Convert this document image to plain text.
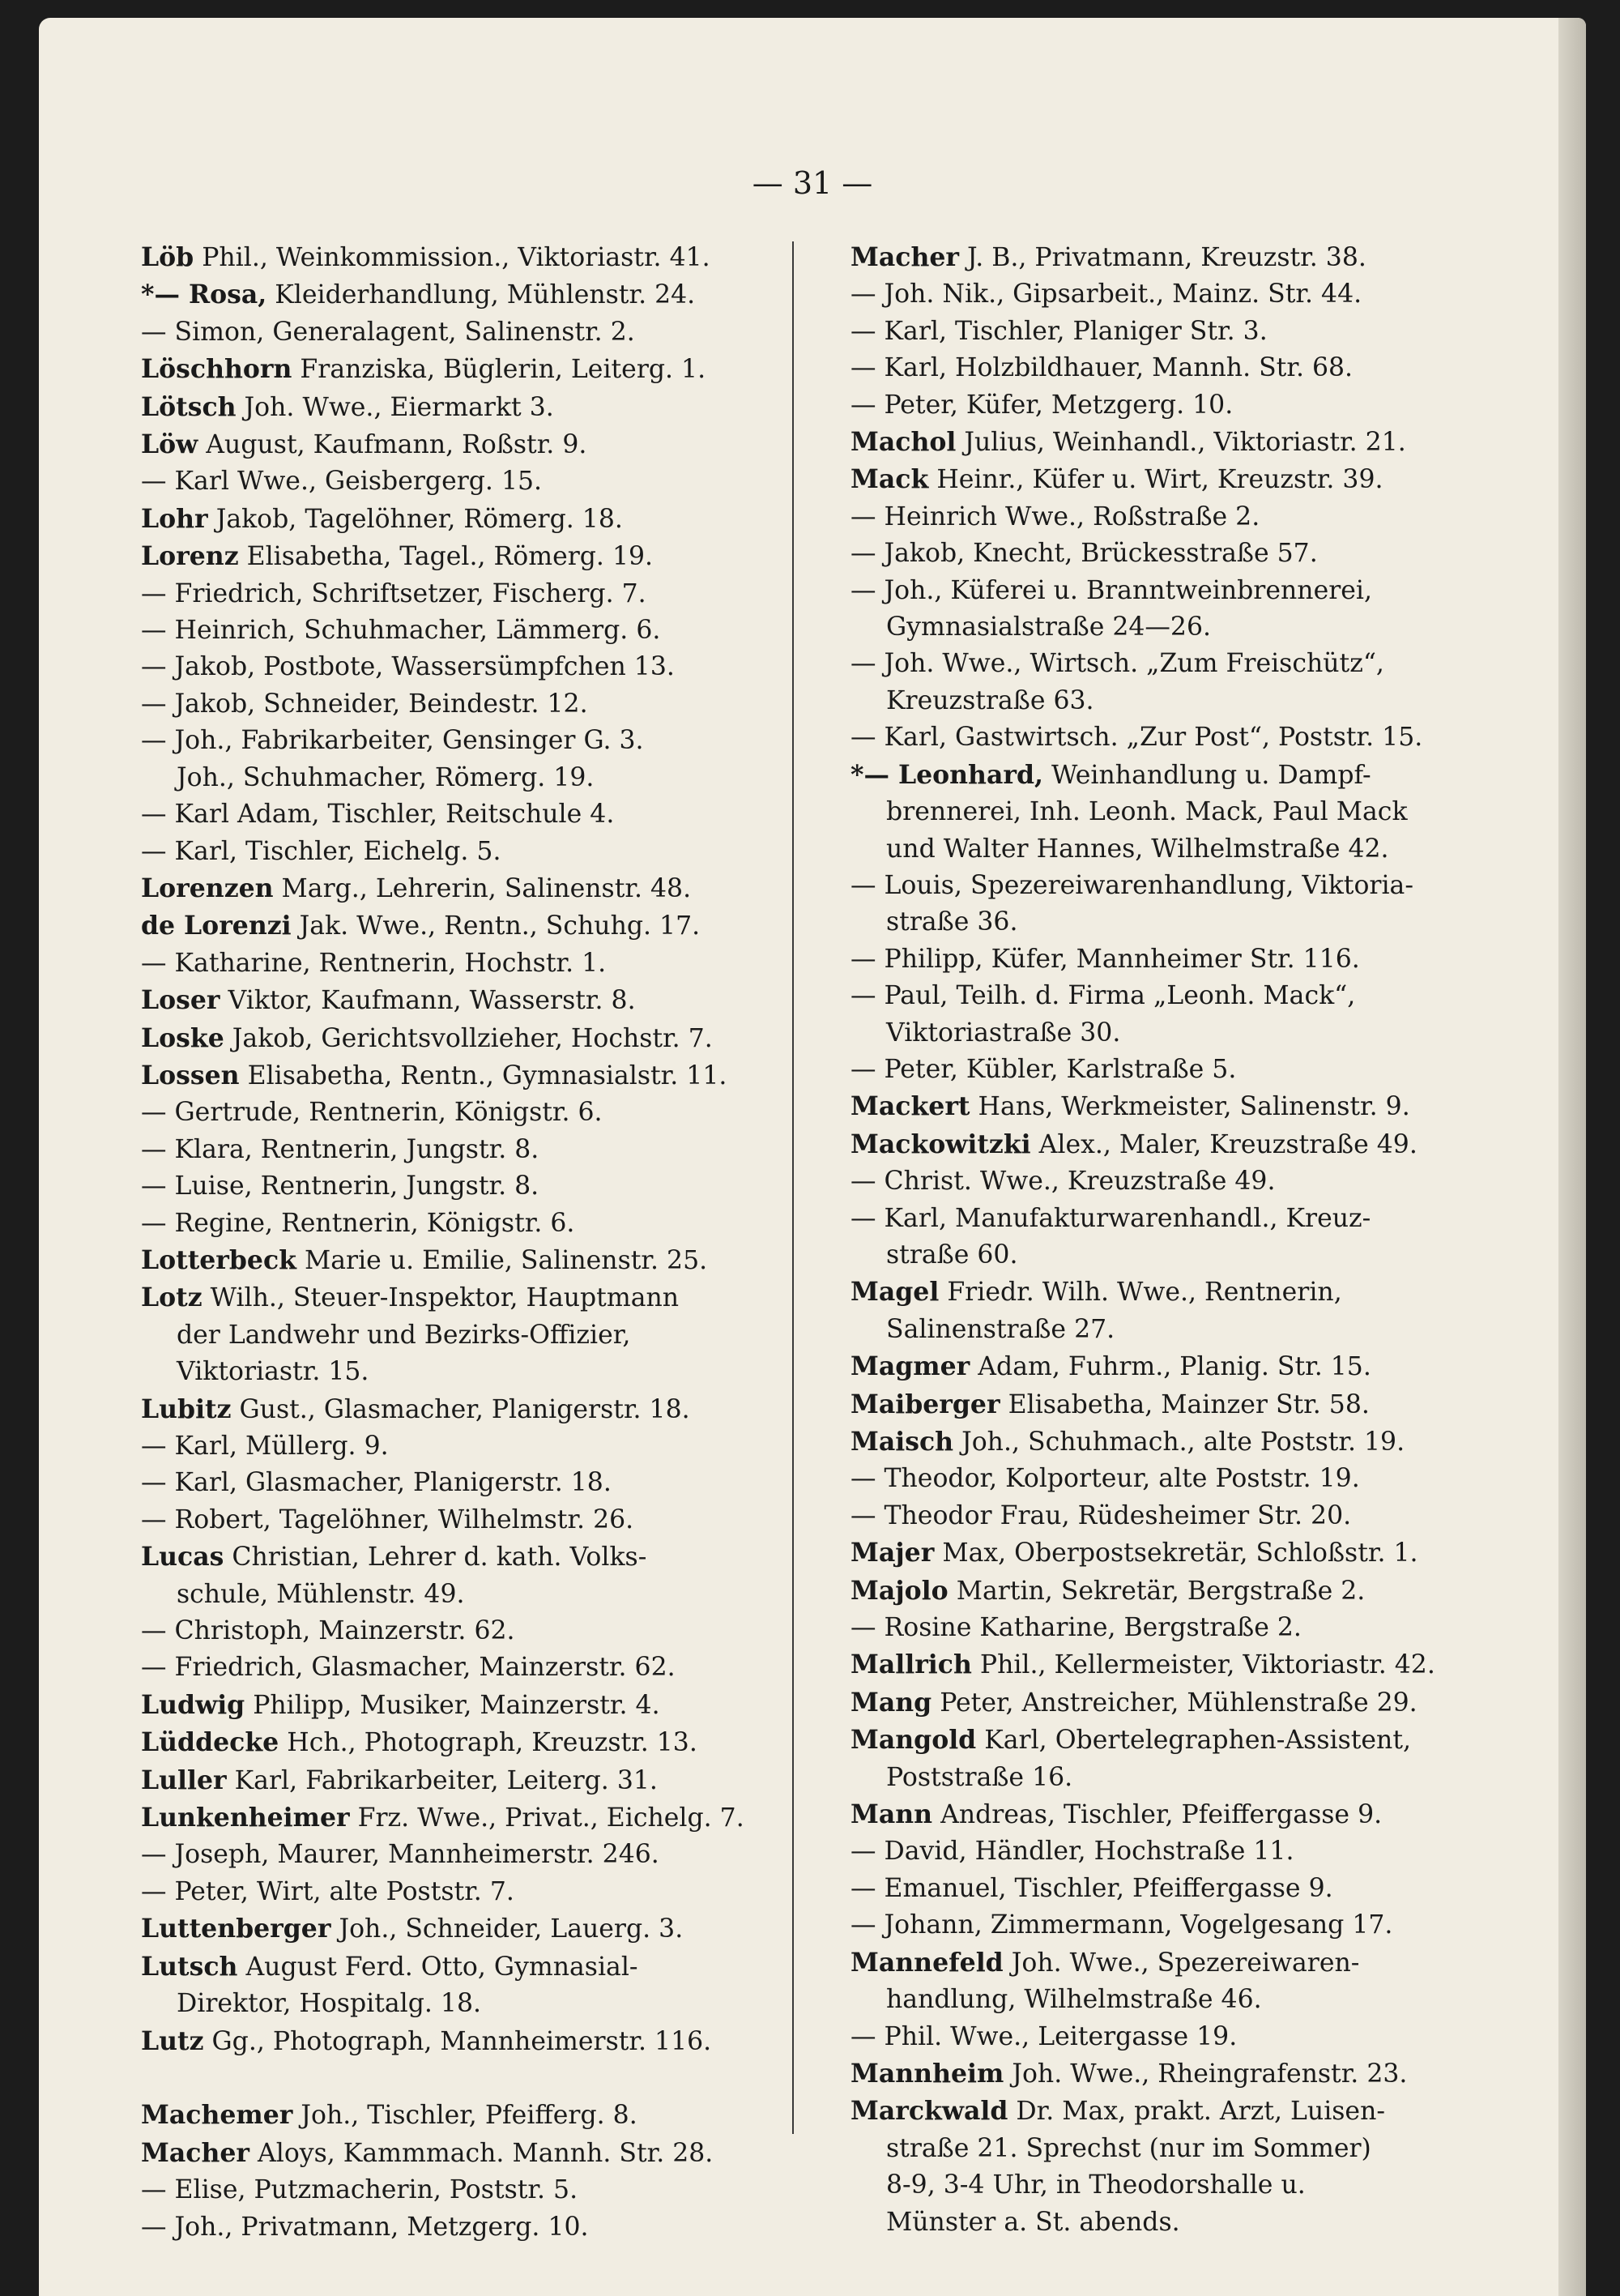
— 31 —
Löb Phil., Weinkommission., Viktoriastr. 41.
*— Rosa, Kleiderhandlung, Mühlenstr. 24.
— Simon, Generalagent, Salinenstr. 2.
Löschhorn Franziska, Büglerin, Leiterg. 1.
Lötsch Joh. Wwe., Eiermarkt 3.
Löw August, Kaufmann, Roßstr. 9.
— Karl Wwe., Geisbergerg. 15.
Lohr Jakob, Tagelöhner, Römerg. 18.
Lorenz Elisabetha, Tagel., Römerg. 19.
— Friedrich, Schriftsetzer, Fischerg. 7.
— Heinrich, Schuhmacher, Lämmerg. 6.
— Jakob, Postbote, Wassersümpfchen 13.
— Jakob, Schneider, Beindestr. 12.
— Joh., Fabrikarbeiter, Gensinger G. 3.
Joh., Schuhmacher, Römerg. 19.
— Karl Adam, Tischler, Reitschule 4.
— Karl, Tischler, Eichelg. 5.
Lorenzen Marg., Lehrerin, Salinenstr. 48.
de Lorenzi Jak. Wwe., Rentn., Schuhg. 17.
— Katharine, Rentnerin, Hochstr. 1.
Loser Viktor, Kaufmann, Wasserstr. 8.
Loske Jakob, Gerichtsvollzieher, Hochstr. 7.
Lossen Elisabetha, Rentn., Gymnasialstr. 11.
— Gertrude, Rentnerin, Königstr. 6.
— Klara, Rentnerin, Jungstr. 8.
— Luise, Rentnerin, Jungstr. 8.
— Regine, Rentnerin, Königstr. 6.
Lotterbeck Marie u. Emilie, Salinenstr. 25.
Lotz Wilh., Steuer-Inspektor, Hauptmann
der Landwehr und Bezirks-Offizier,
Viktoriastr. 15.
Lubitz Gust., Glasmacher, Planigerstr. 18.
— Karl, Müllerg. 9.
— Karl, Glasmacher, Planigerstr. 18.
— Robert, Tagelöhner, Wilhelmstr. 26.
Lucas Christian, Lehrer d. kath. Volks-
schule, Mühlenstr. 49.
— Christoph, Mainzerstr. 62.
— Friedrich, Glasmacher, Mainzerstr. 62.
Ludwig Philipp, Musiker, Mainzerstr. 4.
Lüddecke Hch., Photograph, Kreuzstr. 13.
Luller Karl, Fabrikarbeiter, Leiterg. 31.
Lunkenheimer Frz. Wwe., Privat., Eichelg. 7.
— Joseph, Maurer, Mannheimerstr. 246.
— Peter, Wirt, alte Poststr. 7.
Luttenberger Joh., Schneider, Lauerg. 3.
Lutsch August Ferd. Otto, Gymnasial-
Direktor, Hospitalg. 18.
Lutz Gg., Photograph, Mannheimerstr. 116.
Machemer Joh., Tischler, Pfeifferg. 8.
Macher Aloys, Kammmach. Mannh. Str. 28.
— Elise, Putzmacherin, Poststr. 5.
— Joh., Privatmann, Metzgerg. 10.
Macher J. B., Privatmann, Kreuzstr. 38.
— Joh. Nik., Gipsarbeit., Mainz. Str. 44.
— Karl, Tischler, Planiger Str. 3.
— Karl, Holzbildhauer, Mannh. Str. 68.
— Peter, Küfer, Metzgerg. 10.
Machol Julius, Weinhandl., Viktoriastr. 21.
Mack Heinr., Küfer u. Wirt, Kreuzstr. 39.
— Heinrich Wwe., Roßstraße 2.
— Jakob, Knecht, Brückesstraße 57.
— Joh., Küferei u. Branntweinbrennerei,
Gymnasialstraße 24—26.
— Joh. Wwe., Wirtsch. „Zum Freischütz“,
Kreuzstraße 63.
— Karl, Gastwirtsch. „Zur Post“, Poststr. 15.
*— Leonhard, Weinhandlung u. Dampf-
brennerei, Inh. Leonh. Mack, Paul Mack
und Walter Hannes, Wilhelmstraße 42.
— Louis, Spezereiwarenhandlung, Viktoria-
straße 36.
— Philipp, Küfer, Mannheimer Str. 116.
— Paul, Teilh. d. Firma „Leonh. Mack“,
Viktoriastraße 30.
— Peter, Kübler, Karlstraße 5.
Mackert Hans, Werkmeister, Salinenstr. 9.
Mackowitzki Alex., Maler, Kreuzstraße 49.
— Christ. Wwe., Kreuzstraße 49.
— Karl, Manufakturwarenhandl., Kreuz-
straße 60.
Magel Friedr. Wilh. Wwe., Rentnerin,
Salinenstraße 27.
Magmer Adam, Fuhrm., Planig. Str. 15.
Maiberger Elisabetha, Mainzer Str. 58.
Maisch Joh., Schuhmach., alte Poststr. 19.
— Theodor, Kolporteur, alte Poststr. 19.
— Theodor Frau, Rüdesheimer Str. 20.
Majer Max, Oberpostsekretär, Schloßstr. 1.
Majolo Martin, Sekretär, Bergstraße 2.
— Rosine Katharine, Bergstraße 2.
Mallrich Phil., Kellermeister, Viktoriastr. 42.
Mang Peter, Anstreicher, Mühlenstraße 29.
Mangold Karl, Obertelegraphen-Assistent,
Poststraße 16.
Mann Andreas, Tischler, Pfeiffergasse 9.
— David, Händler, Hochstraße 11.
— Emanuel, Tischler, Pfeiffergasse 9.
— Johann, Zimmermann, Vogelgesang 17.
Mannefeld Joh. Wwe., Spezereiwaren-
handlung, Wilhelmstraße 46.
— Phil. Wwe., Leitergasse 19.
Mannheim Joh. Wwe., Rheingrafenstr. 23.
Marckwald Dr. Max, prakt. Arzt, Luisen-
straße 21. Sprechst (nur im Sommer)
8-9, 3-4 Uhr, in Theodorshalle u.
Münster a. St. abends.
